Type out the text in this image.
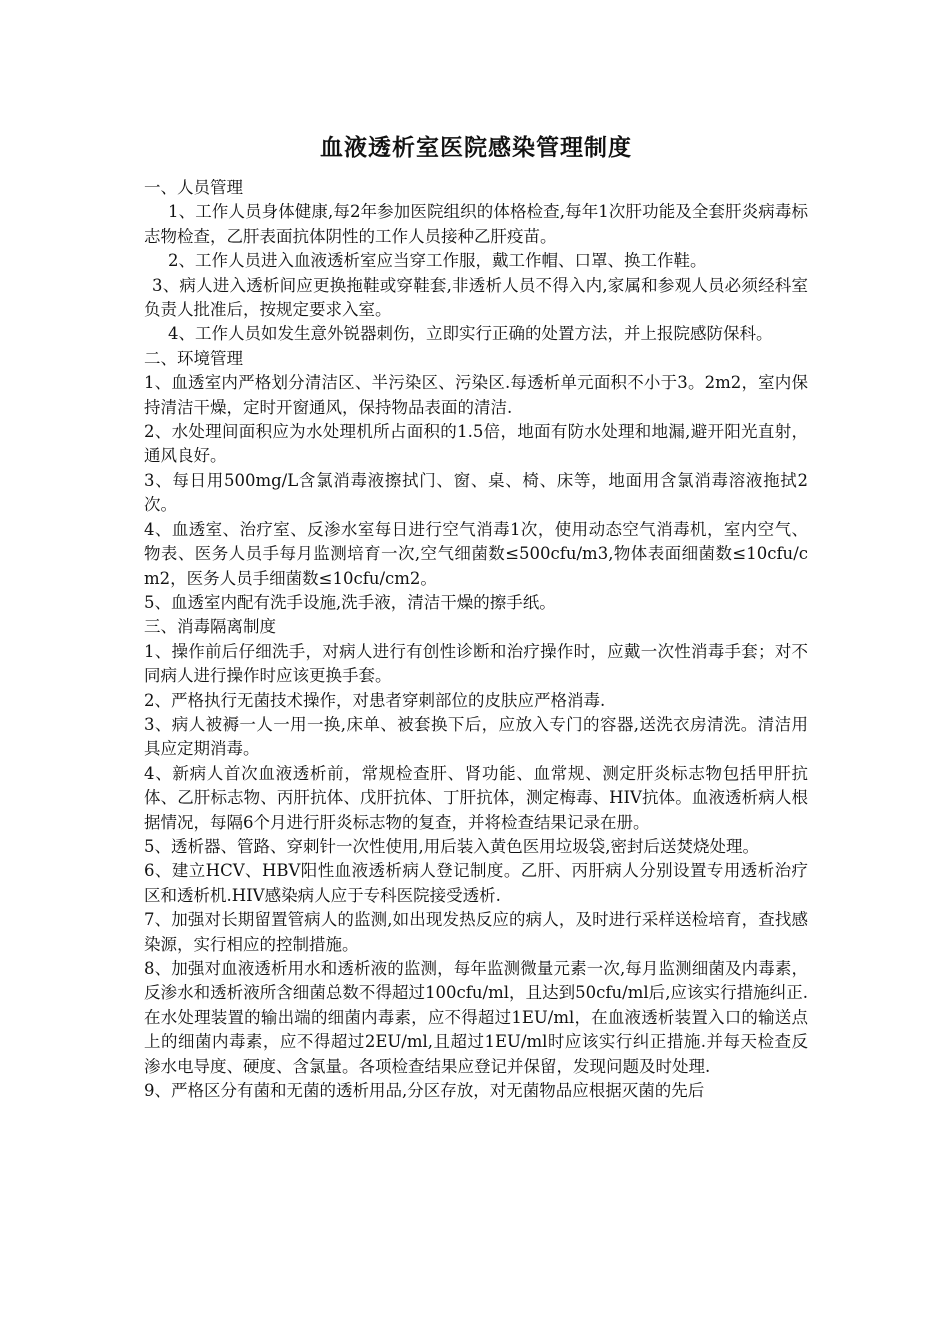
血液透析室医院感染管理制度

一、人员管理

1、工作人员身体健康,每2年参加医院组织的体格检查,每年1次肝功能及全套肝炎病毒标志物检查，乙肝表面抗体阴性的工作人员接种乙肝疫苗。

2、工作人员进入血液透析室应当穿工作服，戴工作帽、口罩、换工作鞋。

3、病人进入透析间应更换拖鞋或穿鞋套,非透析人员不得入内,家属和参观人员必须经科室负责人批准后，按规定要求入室。

4、工作人员如发生意外锐器刺伤，立即实行正确的处置方法，并上报院感防保科。

二、环境管理

1、血透室内严格划分清洁区、半污染区、污染区.每透析单元面积不小于3。2m2，室内保持清洁干燥，定时开窗通风，保持物品表面的清洁.

2、水处理间面积应为水处理机所占面积的1.5倍，地面有防水处理和地漏,避开阳光直射，通风良好。

3、每日用500mg/L含氯消毒液擦拭门、窗、桌、椅、床等，地面用含氯消毒溶液拖拭2次。

4、血透室、治疗室、反渗水室每日进行空气消毒1次，使用动态空气消毒机，室内空气、物表、医务人员手每月监测培育一次,空气细菌数≤500cfu/m3,物体表面细菌数≤10cfu/cm2，医务人员手细菌数≤10cfu/cm2。

5、血透室内配有洗手设施,洗手液，清洁干燥的擦手纸。

三、消毒隔离制度

1、操作前后仔细洗手，对病人进行有创性诊断和治疗操作时，应戴一次性消毒手套；对不同病人进行操作时应该更换手套。

2、严格执行无菌技术操作，对患者穿刺部位的皮肤应严格消毒.

3、病人被褥一人一用一换,床单、被套换下后，应放入专门的容器,送洗衣房清洗。清洁用具应定期消毒。

4、新病人首次血液透析前，常规检查肝、肾功能、血常规、测定肝炎标志物包括甲肝抗体、乙肝标志物、丙肝抗体、戊肝抗体、丁肝抗体，测定梅毒、HIV抗体。血液透析病人根据情况，每隔6个月进行肝炎标志物的复查，并将检查结果记录在册。

5、透析器、管路、穿刺针一次性使用,用后装入黄色医用垃圾袋,密封后送焚烧处理。

6、建立HCV、HBV阳性血液透析病人登记制度。乙肝、丙肝病人分别设置专用透析治疗区和透析机.HIV感染病人应于专科医院接受透析.

7、加强对长期留置管病人的监测,如出现发热反应的病人，及时进行采样送检培育，查找感染源，实行相应的控制措施。

8、加强对血液透析用水和透析液的监测，每年监测微量元素一次,每月监测细菌及内毒素，反渗水和透析液所含细菌总数不得超过100cfu/ml，且达到50cfu/ml后,应该实行措施纠正.在水处理装置的输出端的细菌内毒素，应不得超过1EU/ml，在血液透析装置入口的输送点上的细菌内毒素，应不得超过2EU/ml,且超过1EU/ml时应该实行纠正措施.并每天检查反渗水电导度、硬度、含氯量。各项检查结果应登记并保留，发现问题及时处理.

9、严格区分有菌和无菌的透析用品,分区存放，对无菌物品应根据灭菌的先后
